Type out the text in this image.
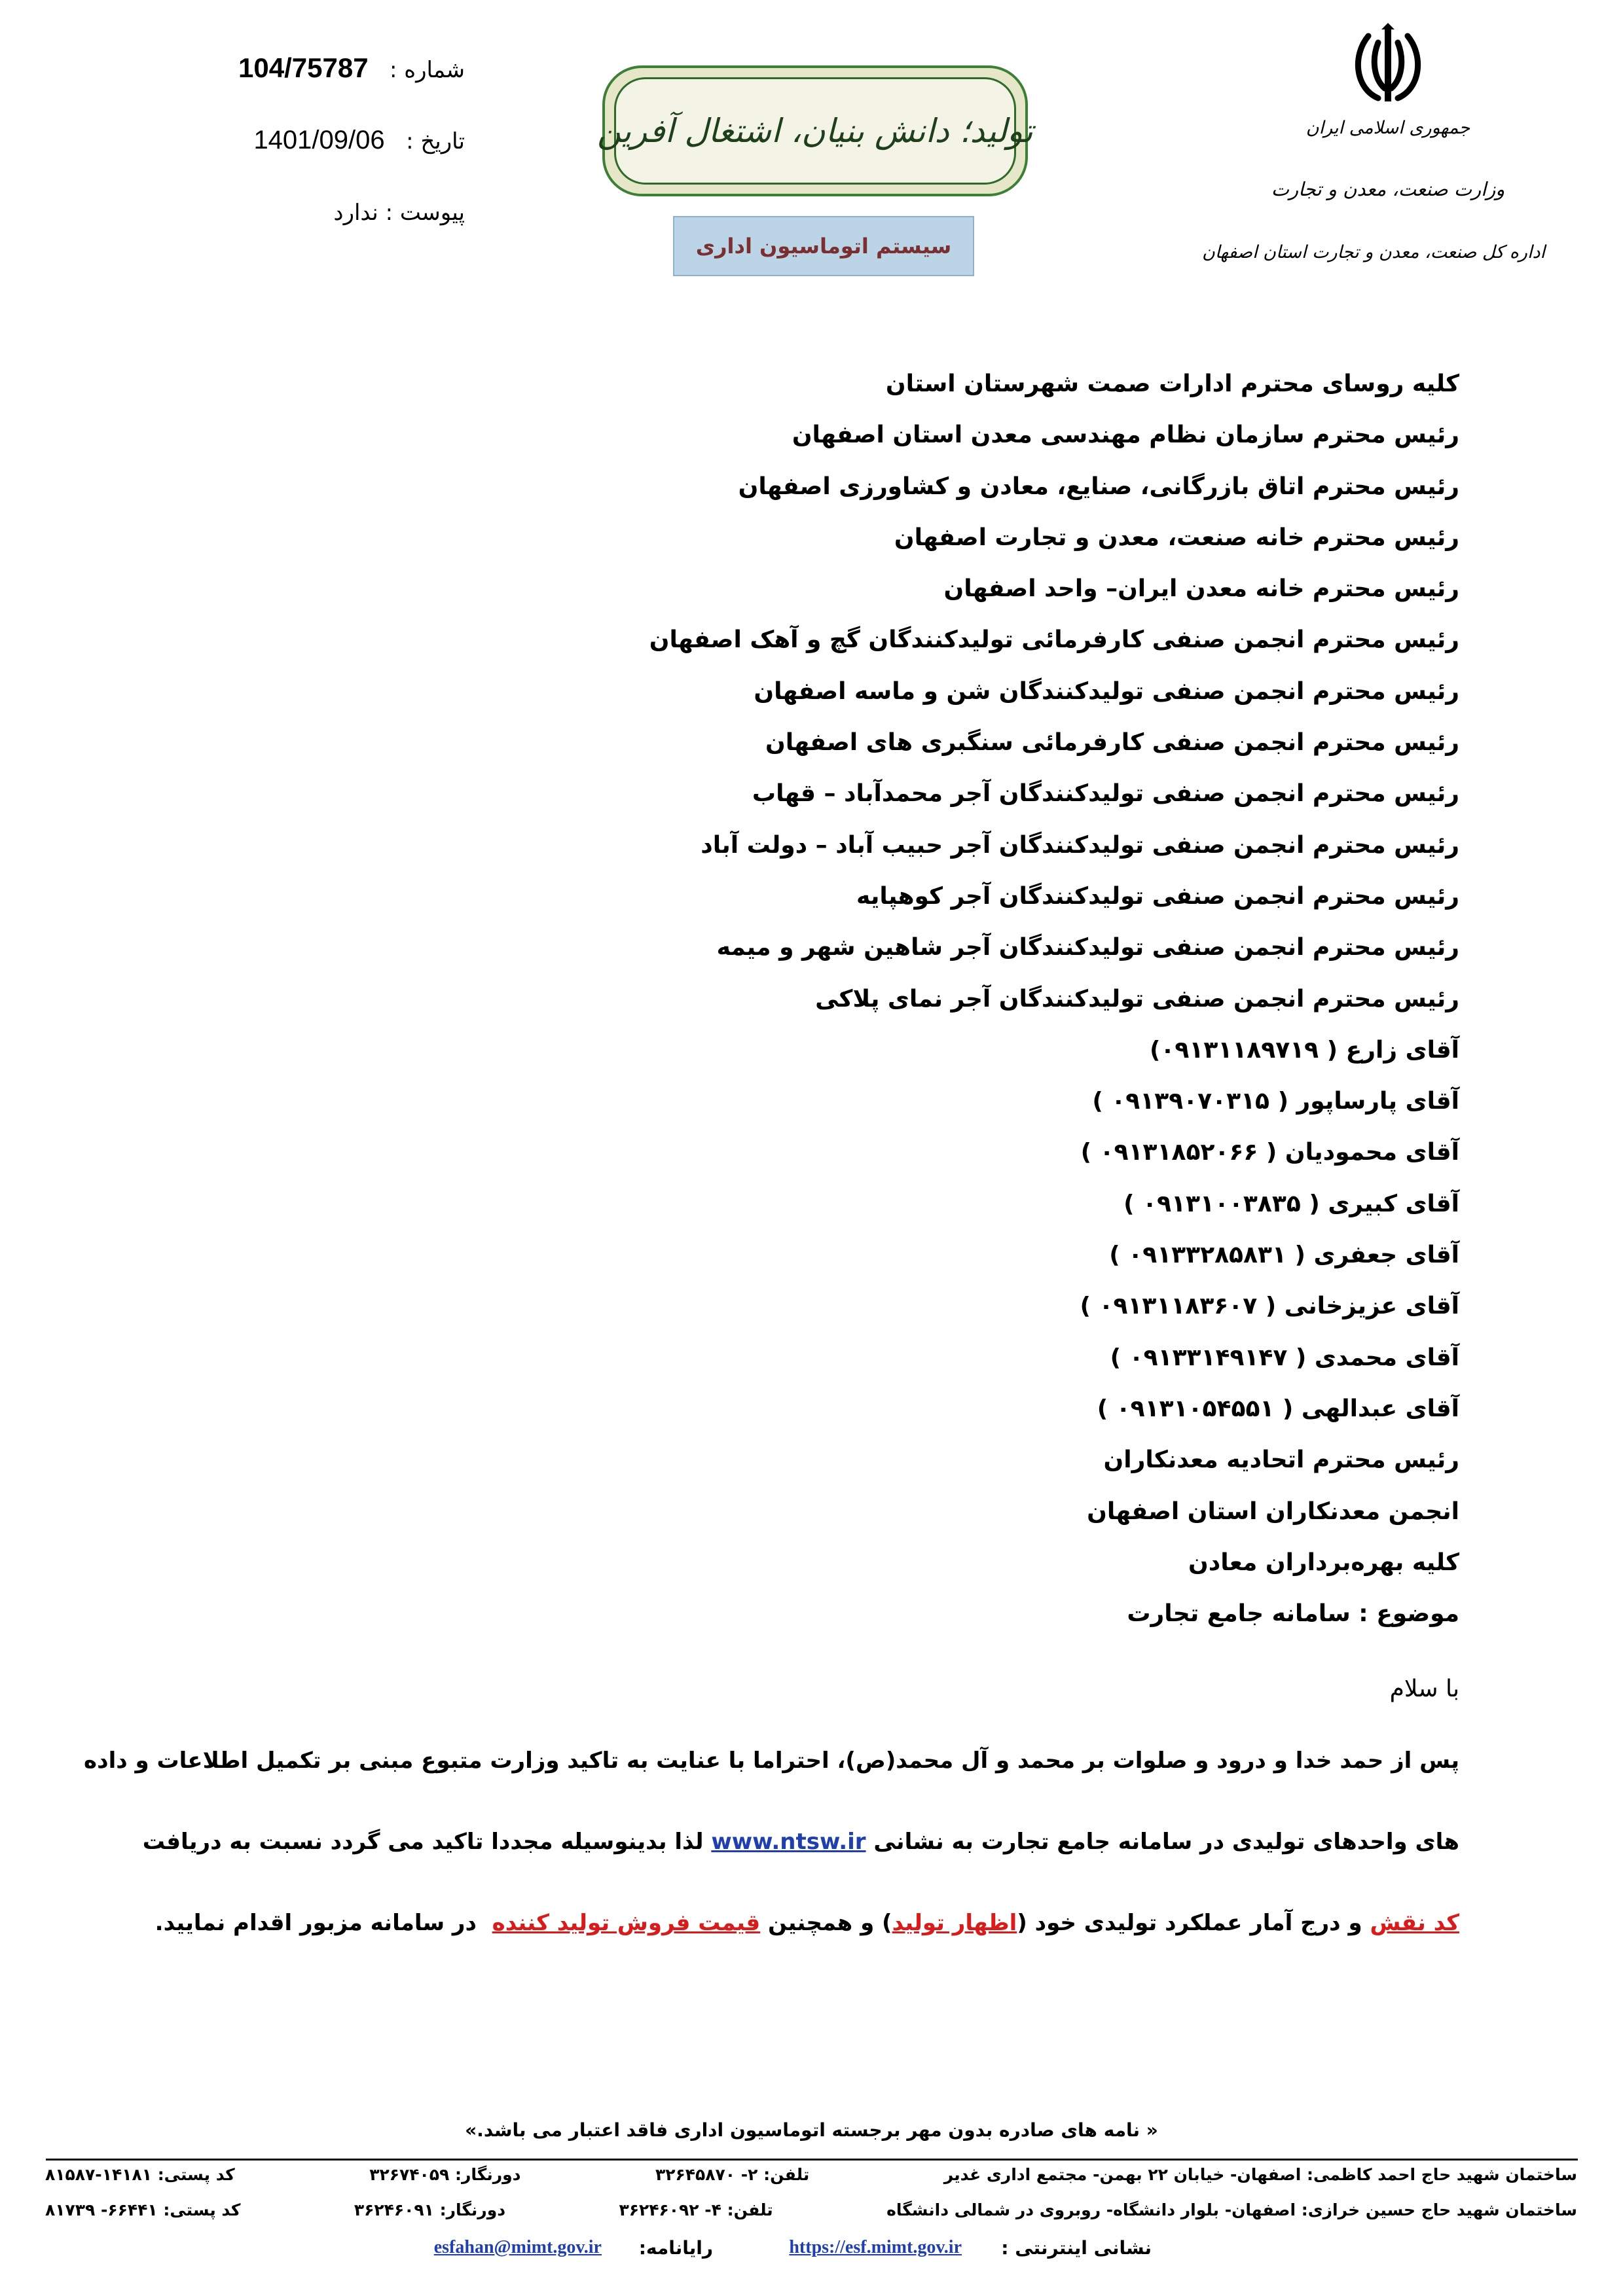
شماره :   104/75787
تاریخ :   1401/09/06
پیوست : ندارد
تولید؛ دانش بنیان، اشتغال آفرین
سیستم اتوماسیون اداری
جمهوری اسلامی ایران
وزارت صنعت، معدن و تجارت
اداره کل صنعت، معدن و تجارت استان اصفهان
کلیه روسای محترم ادارات صمت شهرستان استان
رئیس محترم سازمان نظام مهندسی معدن استان اصفهان
رئیس محترم اتاق بازرگانی، صنایع، معادن و کشاورزی اصفهان
رئیس محترم خانه صنعت، معدن و تجارت اصفهان
رئیس محترم خانه معدن ایران– واحد اصفهان
رئیس محترم انجمن صنفی کارفرمائی تولیدکنندگان گچ و آهک اصفهان
رئیس محترم انجمن صنفی تولیدکنندگان شن و ماسه اصفهان
رئیس محترم انجمن صنفی کارفرمائی سنگبری های اصفهان
رئیس محترم انجمن صنفی تولیدکنندگان آجر محمدآباد – قهاب
رئیس محترم انجمن صنفی تولیدکنندگان آجر حبیب آباد – دولت آباد
رئیس محترم انجمن صنفی تولیدکنندگان آجر کوهپایه
رئیس محترم انجمن صنفی تولیدکنندگان آجر شاهین شهر و میمه
رئیس محترم انجمن صنفی تولیدکنندگان آجر نمای پلاکی
آقای زارع ( ۰۹۱۳۱۱۸۹۷۱۹)
آقای پارساپور ( ۰۹۱۳۹۰۷۰۳۱۵ )
آقای محمودیان ( ۰۹۱۳۱۸۵۲۰۶۶ )
آقای کبیری ( ۰۹۱۳۱۰۰۳۸۳۵ )
آقای جعفری ( ۰۹۱۳۳۲۸۵۸۳۱ )
آقای عزیزخانی ( ۰۹۱۳۱۱۸۳۶۰۷ )
آقای محمدی ( ۰۹۱۳۳۱۴۹۱۴۷ )
آقای عبدالهی ( ۰۹۱۳۱۰۵۴۵۵۱ )
رئیس محترم اتحادیه معدنکاران
انجمن معدنکاران استان اصفهان
کلیه بهره‌برداران معادن
موضوع : سامانه جامع تجارت
با سلام
پس از حمد خدا و درود و صلوات بر محمد و آل محمد(ص)، احتراما با عنایت به تاکید وزارت متبوع مبنی بر تکمیل اطلاعات و داده
های واحدهای تولیدی در سامانه جامع تجارت به نشانی www.ntsw.ir لذا بدینوسیله مجددا تاکید می گردد نسبت به دریافت
کد نقش و درج آمار عملکرد تولیدی خود (اظهار تولید) و همچنین قیمت فروش تولید کننده  در سامانه مزبور اقدام نمایید.
« نامه های صادره بدون مهر برجسته اتوماسیون اداری فاقد اعتبار می باشد.»
ساختمان شهید حاج احمد کاظمی: اصفهان- خیابان ۲۲ بهمن- مجتمع اداری غدیر
تلفن: ۲- ۳۲۶۴۵۸۷۰
دورنگار: ۳۲۶۷۴۰۵۹
کد پستی: ۱۴۱۸۱-۸۱۵۸۷
ساختمان شهید حاج حسین خرازی: اصفهان- بلوار دانشگاه- روبروی در شمالی دانشگاه
تلفن: ۴- ۳۶۲۴۶۰۹۲
دورنگار: ۳۶۲۴۶۰۹۱
کد پستی: ۶۶۴۴۱- ۸۱۷۳۹
نشانی اینترنتی :
https://esf.mimt.gov.ir
رایانامه:
esfahan@mimt.gov.ir
